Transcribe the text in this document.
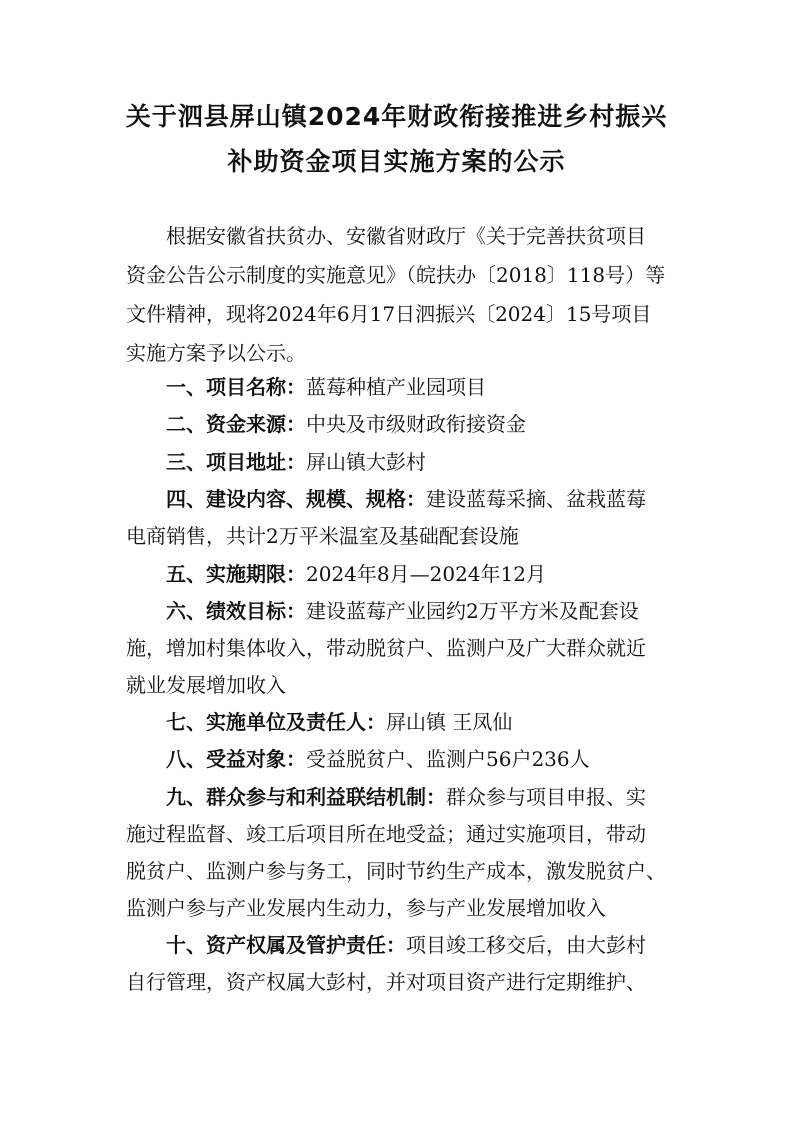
关于泗县屏山镇2024年财政衔接推进乡村振兴
补助资金项目实施方案的公示
根据安徽省扶贫办、安徽省财政厅《关于完善扶贫项目
资金公告公示制度的实施意见》（皖扶办〔2018〕118号）等
文件精神，现将2024年6月17日泗振兴〔2024〕15号项目
实施方案予以公示。
一、项目名称：蓝莓种植产业园项目
二、资金来源：中央及市级财政衔接资金
三、项目地址：屏山镇大彭村
四、建设内容、规模、规格：建设蓝莓采摘、盆栽蓝莓
电商销售，共计2万平米温室及基础配套设施
五、实施期限：2024年8月—2024年12月
六、绩效目标：建设蓝莓产业园约2万平方米及配套设
施，增加村集体收入，带动脱贫户、监测户及广大群众就近
就业发展增加收入
七、实施单位及责任人：屏山镇 王凤仙
八、受益对象：受益脱贫户、监测户56户236人
九、群众参与和利益联结机制：群众参与项目申报、实
施过程监督、竣工后项目所在地受益；通过实施项目，带动
脱贫户、监测户参与务工，同时节约生产成本，激发脱贫户、
监测户参与产业发展内生动力，参与产业发展增加收入
十、资产权属及管护责任：项目竣工移交后，由大彭村
自行管理，资产权属大彭村，并对项目资产进行定期维护、
